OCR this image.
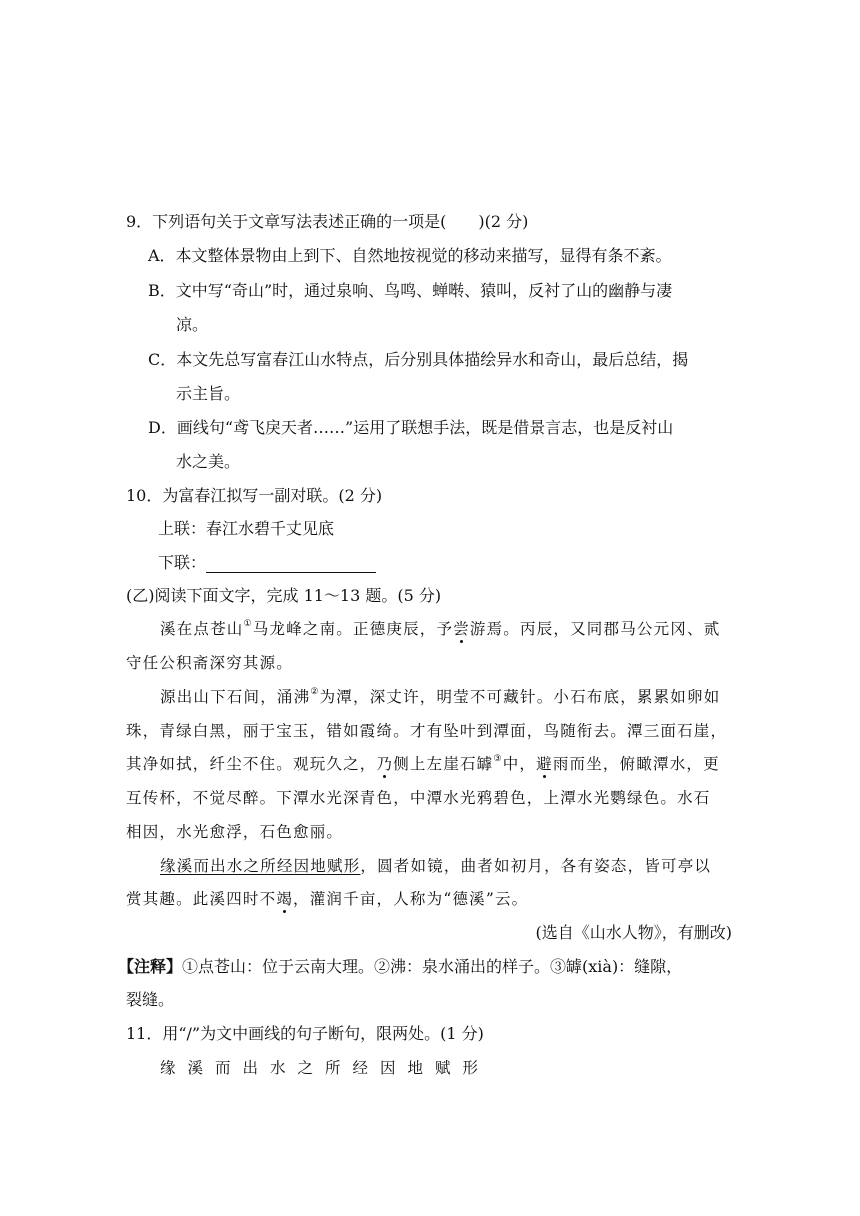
9．下列语句关于文章写法表述正确的一项是(　　)(2 分)
A．本文整体景物由上到下、自然地按视觉的移动来描写，显得有条不紊。
B．文中写“奇山”时，通过泉响、鸟鸣、蝉啭、猿叫，反衬了山的幽静与凄
凉。
C．本文先总写富春江山水特点，后分别具体描绘异水和奇山，最后总结，揭
示主旨。
D．画线句“鸢飞戾天者……”运用了联想手法，既是借景言志，也是反衬山
水之美。
10．为富春江拟写一副对联。(2 分)
上联：春江水碧千丈见底
下联：
(乙)阅读下面文字，完成 11～13 题。(5 分)
溪在点苍山①马龙峰之南。正德庚辰，予尝游焉。丙辰，又同郡马公元冈、贰
守任公积斋深穷其源。
源出山下石间，涌沸②为潭，深丈许，明莹不可藏针。小石布底，累累如卵如
珠，青绿白黑，丽于宝玉，错如霞绮。才有坠叶到潭面，鸟随衔去。潭三面石崖，
其净如拭，纤尘不住。观玩久之，乃侧上左崖石罅③中，避雨而坐，俯瞰潭水，更
互传杯，不觉尽醉。下潭水光深青色，中潭水光鸦碧色，上潭水光鹦绿色。水石
相因，水光愈浮，石色愈丽。
缘溪而出水之所经因地赋形，圆者如镜，曲者如初月，各有姿态，皆可亭以
赏其趣。此溪四时不竭，灌润千亩，人称为“德溪”云。
(选自《山水人物》，有删改)
【注释】①点苍山：位于云南大理。②沸：泉水涌出的样子。③罅(xià)：缝隙，
裂缝。
11．用“/”为文中画线的句子断句，限两处。(1 分)
缘溪而出水之所经因地赋形
